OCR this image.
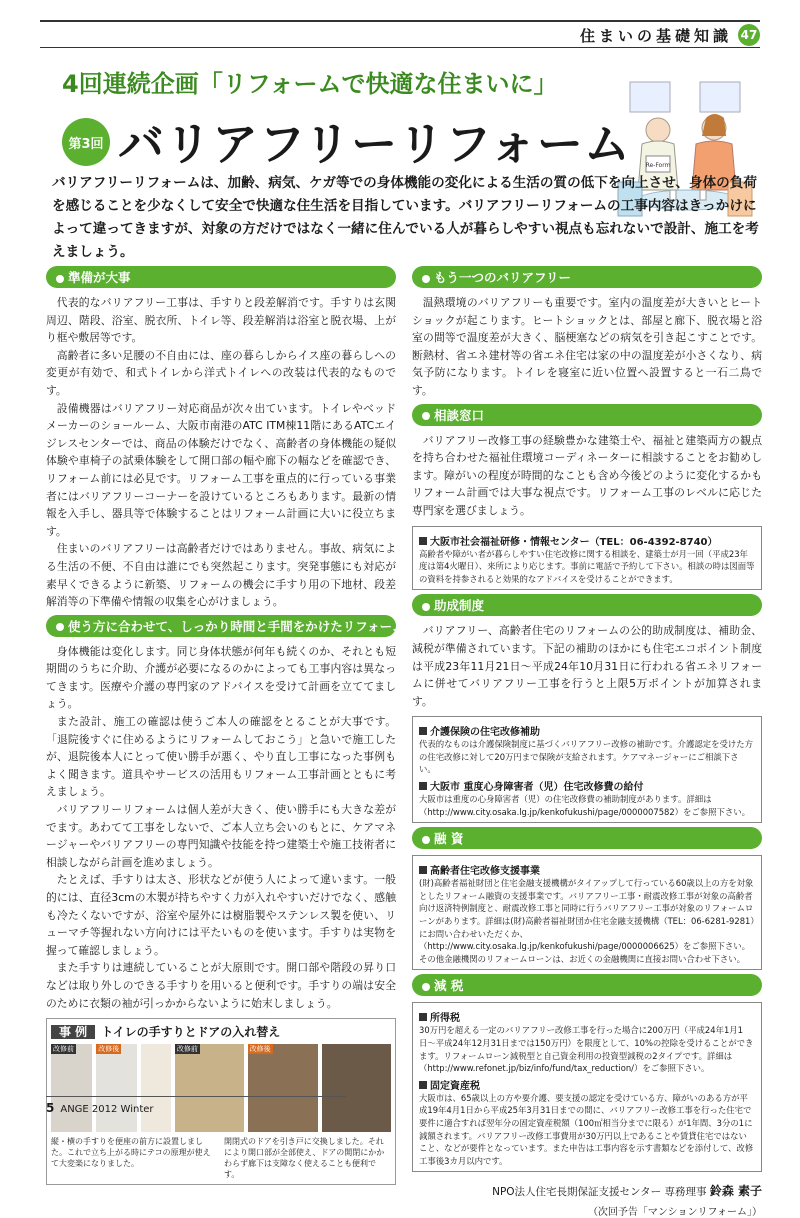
住まいの基礎知識 47
4回連続企画「リフォームで快適な住まいに」
第3回 バリアフリーリフォーム Re-Form
バリアフリーリフォームは、加齢、病気、ケガ等での身体機能の変化による生活の質の低下を向上させ、身体の負荷を感じることを少なくして安全で快適な住生活を目指しています。バリアフリーリフォームの工事内容はきっかけによって違ってきますが、対象の方だけではなく一緒に住んでいる人が暮らしやすい視点も忘れないで設計、施工を考えましょう。
準備が大事

代表的なバリアフリー工事は、手すりと段差解消です。手すりは玄関周辺、階段、浴室、脱衣所、トイレ等、段差解消は浴室と脱衣場、上がり框や敷居等です。

高齢者に多い足腰の不自由には、座の暮らしからイス座の暮らしへの変更が有効で、和式トイレから洋式トイレへの改装は代表的なものです。

設備機器はバリアフリー対応商品が次々出ています。トイレやベッドメーカーのショールーム、大阪市南港のATC ITM棟11階にあるATCエイジレスセンターでは、商品の体験だけでなく、高齢者の身体機能の疑似体験や車椅子の試乗体験をして開口部の幅や廊下の幅などを確認でき、リフォーム前には必見です。リフォーム工事を重点的に行っている事業者にはバリアフリーコーナーを設けているところもあります。最新の情報を入手し、器具等で体験することはリフォーム計画に大いに役立ちます。

住まいのバリアフリーは高齢者だけではありません。事故、病気による生活の不便、不自由は誰にでも突然起こります。突発事態にも対応が素早くできるように新築、リフォームの機会に手すり用の下地材、段差解消等の下準備や情報の収集を心がけましょう。

使う方に合わせて、しっかり時間と手間をかけたリフォーム計画と工事

身体機能は変化します。同じ身体状態が何年も続くのか、それとも短期間のうちに介助、介護が必要になるのかによっても工事内容は異なってきます。医療や介護の専門家のアドバイスを受けて計画を立ててましょう。

また設計、施工の確認は使うご本人の確認をとることが大事です。「退院後すぐに住めるようにリフォームしておこう」と急いで施工したが、退院後本人にとって使い勝手が悪く、やり直し工事になった事例もよく聞きます。道具やサービスの活用もリフォーム工事計画とともに考えましょう。

バリアフリーリフォームは個人差が大きく、使い勝手にも大きな差がでます。あわてて工事をしないで、ご本人立ち会いのもとに、ケアマネージャーやバリアフリーの専門知識や技能を持つ建築士や施工技術者に相談しながら計画を進めましょう。

たとえば、手すりは太さ、形状などが使う人によって違います。一般的には、直径3cmの木製が持ちやすく力が入れやすいだけでなく、感触も冷たくないですが、浴室や屋外には樹脂製やステンレス製を使い、リューマチ等握れない方向けには平たいものを使います。手すりは実物を握って確認しましょう。

また手すりは連続していることが大原則です。開口部や階段の昇り口などは取り外しのできる手すりを用いると便利です。手すりの端は安全のために衣類の袖が引っかからないように始末しましょう。

事 例 トイレの手すりとドアの入れ替え
改修前	改修後	改修前	改修後
縦・横の手すりを便座の前方に設置しました。これで立ち上がる時にテコの原理が使えて大変楽になりました。
開閉式のドアを引き戸に交換しました。それにより開口部が全部使え、ドアの開閉にかかわらず廊下は支障なく使えることも便利です。
もう一つのバリアフリー

温熱環境のバリアフリーも重要です。室内の温度差が大きいとヒートショックが起こります。ヒートショックとは、部屋と廊下、脱衣場と浴室の間等で温度差が大きく、脳梗塞などの病気を引き起こすことです。断熱材、省エネ建材等の省エネ住宅は家の中の温度差が小さくなり、病気予防になります。トイレを寝室に近い位置へ設置すると一石二鳥です。

相談窓口

バリアフリー改修工事の経験豊かな建築士や、福祉と建築両方の観点を持ち合わせた福祉住環境コーディネーターに相談することをお勧めします。障がいの程度が時間的なことも含め今後どのように変化するかもリフォーム計画では大事な視点です。リフォーム工事のレベルに応じた専門家を選びましょう。

大阪市社会福祉研修・情報センター（TEL：06-4392-8740）
高齢者や障がい者が暮らしやすい住宅改修に関する相談を、建築士が月一回（平成23年度は第4火曜日）、来所により応じます。事前に電話で予約して下さい。相談の時は図面等の資料を持参されると効果的なアドバイスを受けることができます。
助成制度

バリアフリー、高齢者住宅のリフォームの公的助成制度は、補助金、減税が準備されています。下記の補助のほかにも住宅エコポイント制度は平成23年11月21日〜平成24年10月31日に行われる省エネリフォームに併せてバリアフリー工事を行うと上限5万ポイントが加算されます。

介護保険の住宅改修補助
代表的なものは介護保険制度に基づくバリアフリー改修の補助です。介護認定を受けた方の住宅改修に対して20万円まで保険が支給されます。ケアマネージャーにご相談下さい。
大阪市 重度心身障害者（児）住宅改修費の給付
大阪市は重度の心身障害者（児）の住宅改修費の補助制度があります。詳細は（http://www.city.osaka.lg.jp/kenkofukushi/page/0000007582）をご参照下さい。
融 資
高齢者住宅改修支援事業
(財)高齢者福祉財団と住宅金融支援機構がタイアップして行っている60歳以上の方を対象としたリフォーム融資の支援事業です。バリアフリー工事・耐震改修工事が対象の高齢者向け返済特例制度と、耐震改修工事と同時に行うバリアフリー工事が対象のリフォームローンがあります。詳細は(財)高齢者福祉財団か住宅金融支援機構（TEL：06-6281-9281）にお問い合わせいただくか、（http://www.city.osaka.lg.jp/kenkofukushi/page/0000006625）をご参照下さい。その他金融機関のリフォームローンは、お近くの金融機関に直接お問い合わせ下さい。
減 税
所得税
30万円を超える一定のバリアフリー改修工事を行った場合に200万円（平成24年1月1日〜平成24年12月31日までは150万円）を限度として、10%の控除を受けることができます。リフォームローン減税型と自己資金利用の投資型減税の2タイプです。詳細は（http://www.refonet.jp/biz/info/fund/tax_reduction/）をご参照下さい。
固定資産税
大阪市は、65歳以上の方や要介護、要支援の認定を受けている方、障がいのある方が平成19年4月1日から平成25年3月31日までの間に、バリアフリー改修工事を行った住宅で要件に適合すれば翌年分の固定資産税額（100㎡相当分までに限る）が1年間、3分の1に減額されます。バリアフリー改修工事費用が30万円以上であることや賃貸住宅ではないこと、などが要件となっています。また申告は工事内容を示す書類などを添付して、改修工事後3カ月以内です。
NPO法人住宅長期保証支援センター 専務理事 鈴森 素子
（次回予告「マンションリフォーム」）
5 ANGE 2012 Winter
